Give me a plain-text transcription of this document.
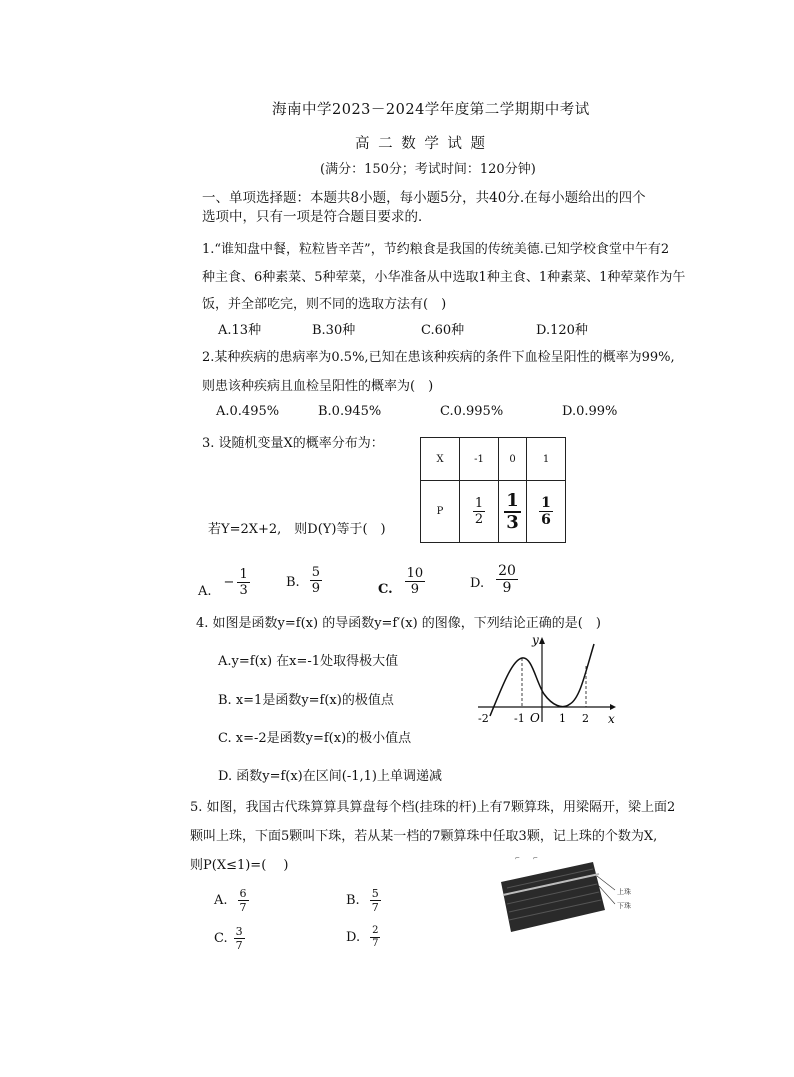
海南中学2023－2024学年度第二学期期中考试
高 二 数 学 试 题
(满分：150分；考试时间：120分钟)
一、单项选择题：本题共8小题，每小题5分，共40分.在每小题给出的四个
选项中，只有一项是符合题目要求的．
1.“谁知盘中餐，粒粒皆辛苦”，节约粮食是我国的传统美德.已知学校食堂中午有2
种主食、6种素菜、5种荤菜，小华准备从中选取1种主食、1种素菜、1种荤菜作为午
饭，并全部吃完，则不同的选取方法有(　)
A.13种	B.30种	C.60种	D.120种
2.某种疾病的患病率为0.5%,已知在患该种疾病的条件下血检呈阳性的概率为99%,
则患该种疾病且血检呈阳性的概率为(　)
A.0.495%	B.0.945%	C.0.995%	D.0.99%
3. 设随机变量X的概率分布为：
X	-1	0	1
P	$\frac{1}{2}$	$\frac{1}{3}$	$\frac{1}{6}$
若Y=2X+2,　则D(Y)等于(　)
A.
− $\frac{1}{3}$	B. $\frac{5}{9}$	C. $\frac{10}{9}$	D. $\frac{20}{9}$
4. 如图是函数y=f(x) 的导函数y=f′(x) 的图像，下列结论正确的是(　)
A.y=f(x) 在x=-1处取得极大值
B. x=1是函数y=f(x)的极值点
C. x=-2是函数y=f(x)的极小值点
D. 函数y=f(x)在区间(-1,1)上单调递减
y
x
-2 -1 O 1 2
5. 如图，我国古代珠算算具算盘每个档(挂珠的杆)上有7颗算珠，用梁隔开，梁上面2
颗叫上珠，下面5颗叫下珠，若从某一档的7颗算珠中任取3颗，记上珠的个数为X,
则P(X≤1)=(　 )
A. $\frac{6}{7}$	B. $\frac{5}{7}$
C. $\frac{3}{7}$	D. $\frac{2}{7}$
上珠
下珠
⌐ ⌐
